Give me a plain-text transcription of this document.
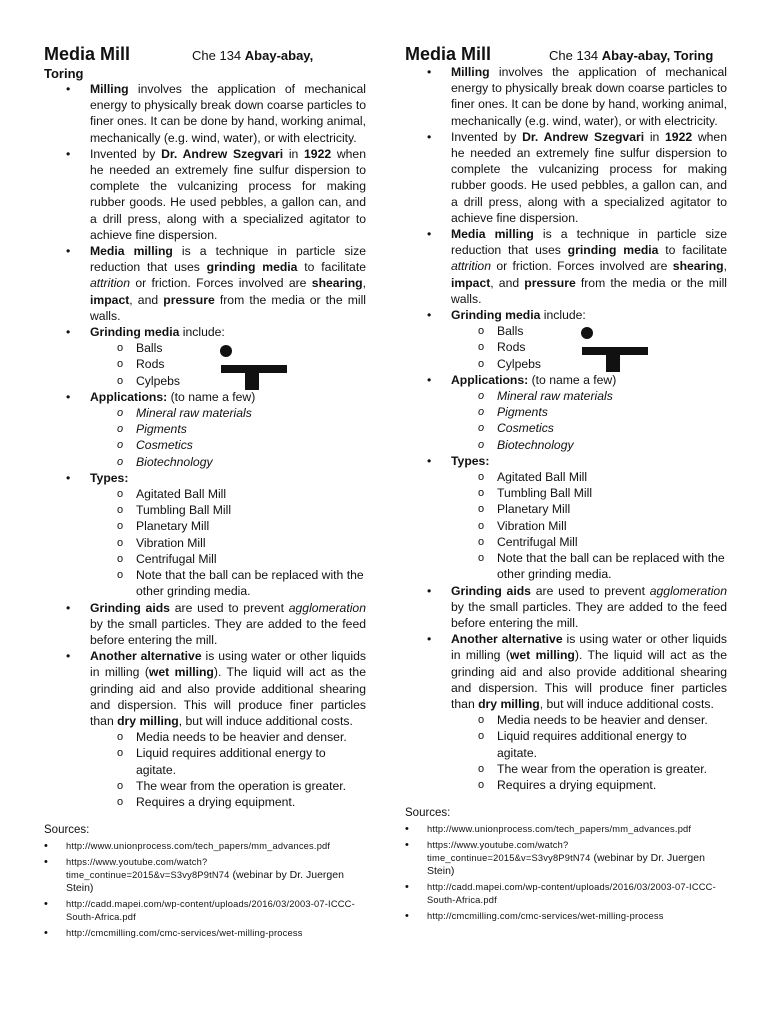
Media Mill	Che 134 Abay-abay,
Toring
• Milling involves the application of mechanical energy to physically break down coarse particles to finer ones. It can be done by hand, working animal, mechanically (e.g. wind, water), or with electricity.
• Invented by Dr. Andrew Szegvari in 1922 when he needed an extremely fine sulfur dispersion to complete the vulcanizing process for making rubber goods. He used pebbles, a gallon can, and a drill press, along with a specialized agitator to achieve fine dispersion.
• Media milling is a technique in particle size reduction that uses grinding media to facilitate attrition or friction. Forces involved are shearing, impact, and pressure from the media or the mill walls.
• Grinding media include:
o Balls
o Rods
o Cylpebs
• Applications: (to name a few)
o Mineral raw materials
o Pigments
o Cosmetics
o Biotechnology
• Types:
o Agitated Ball Mill
o Tumbling Ball Mill
o Planetary Mill
o Vibration Mill
o Centrifugal Mill
o Note that the ball can be replaced with the other grinding media.
• Grinding aids are used to prevent agglomeration by the small particles. They are added to the feed before entering the mill.
• Another alternative is using water or other liquids in milling (wet milling). The liquid will act as the grinding aid and also provide additional shearing and dispersion. This will produce finer particles than dry milling, but will induce additional costs.
o Media needs to be heavier and denser.
o Liquid requires additional energy to agitate.
o The wear from the operation is greater.
o Requires a drying equipment.
Sources:
• http://www.unionprocess.com/tech_papers/mm_advances.pdf
• https://www.youtube.com/watch?time_continue=2015&v=S3vy8P9tN74 (webinar by Dr. Juergen Stein)
• http://cadd.mapei.com/wp-content/uploads/2016/03/2003-07-ICCC-South-Africa.pdf
• http://cmcmilling.com/cmc-services/wet-milling-process
Media Mill	Che 134 Abay-abay, Toring
• Milling involves the application of mechanical energy to physically break down coarse particles to finer ones. It can be done by hand, working animal, mechanically (e.g. wind, water), or with electricity.
• Invented by Dr. Andrew Szegvari in 1922 when he needed an extremely fine sulfur dispersion to complete the vulcanizing process for making rubber goods. He used pebbles, a gallon can, and a drill press, along with a specialized agitator to achieve fine dispersion.
• Media milling is a technique in particle size reduction that uses grinding media to facilitate attrition or friction. Forces involved are shearing, impact, and pressure from the media or the mill walls.
• Grinding media include:
o Balls
o Rods
o Cylpebs
• Applications: (to name a few)
o Mineral raw materials
o Pigments
o Cosmetics
o Biotechnology
• Types:
o Agitated Ball Mill
o Tumbling Ball Mill
o Planetary Mill
o Vibration Mill
o Centrifugal Mill
o Note that the ball can be replaced with the other grinding media.
• Grinding aids are used to prevent agglomeration by the small particles. They are added to the feed before entering the mill.
• Another alternative is using water or other liquids in milling (wet milling). The liquid will act as the grinding aid and also provide additional shearing and dispersion. This will produce finer particles than dry milling, but will induce additional costs.
o Media needs to be heavier and denser.
o Liquid requires additional energy to agitate.
o The wear from the operation is greater.
o Requires a drying equipment.
Sources:
• http://www.unionprocess.com/tech_papers/mm_advances.pdf
• https://www.youtube.com/watch?time_continue=2015&v=S3vy8P9tN74 (webinar by Dr. Juergen Stein)
• http://cadd.mapei.com/wp-content/uploads/2016/03/2003-07-ICCC-South-Africa.pdf
• http://cmcmilling.com/cmc-services/wet-milling-process
